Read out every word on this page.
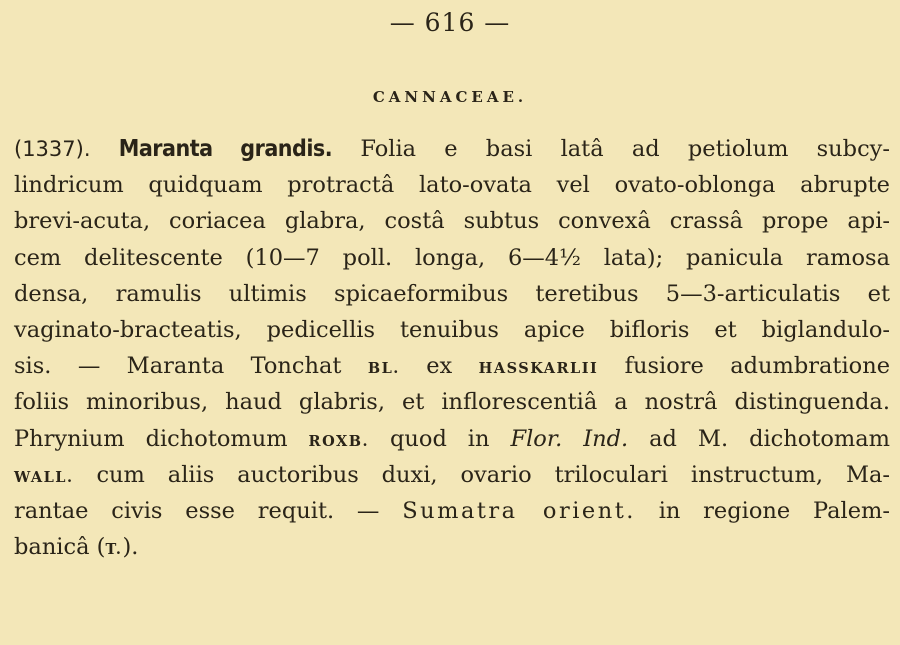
— 616 —
CANNACEAE.
(1337). Maranta grandis. Folia e basi latâ ad petiolum subcy-
lindricum quidquam protractâ lato-ovata vel ovato-oblonga abrupte
brevi-acuta, coriacea glabra, costâ subtus convexâ crassâ prope api-
cem delitescente (10—7 poll. longa, 6—4½ lata); panicula ramosa
densa, ramulis ultimis spicaeformibus teretibus 5—3-articulatis et
vaginato-bracteatis, pedicellis tenuibus apice bifloris et biglandulo-
sis. — Maranta Tonchat BL. ex HASSKARLII fusiore adumbratione
foliis minoribus, haud glabris, et inflorescentiâ a nostrâ distinguenda.
Phrynium dichotomum ROXB. quod in Flor. Ind. ad M. dichotomam
WALL. cum aliis auctoribus duxi, ovario triloculari instructum, Ma-
rantae civis esse requit. — Sumatra orient. in regione Palem-
banicâ (T.).
